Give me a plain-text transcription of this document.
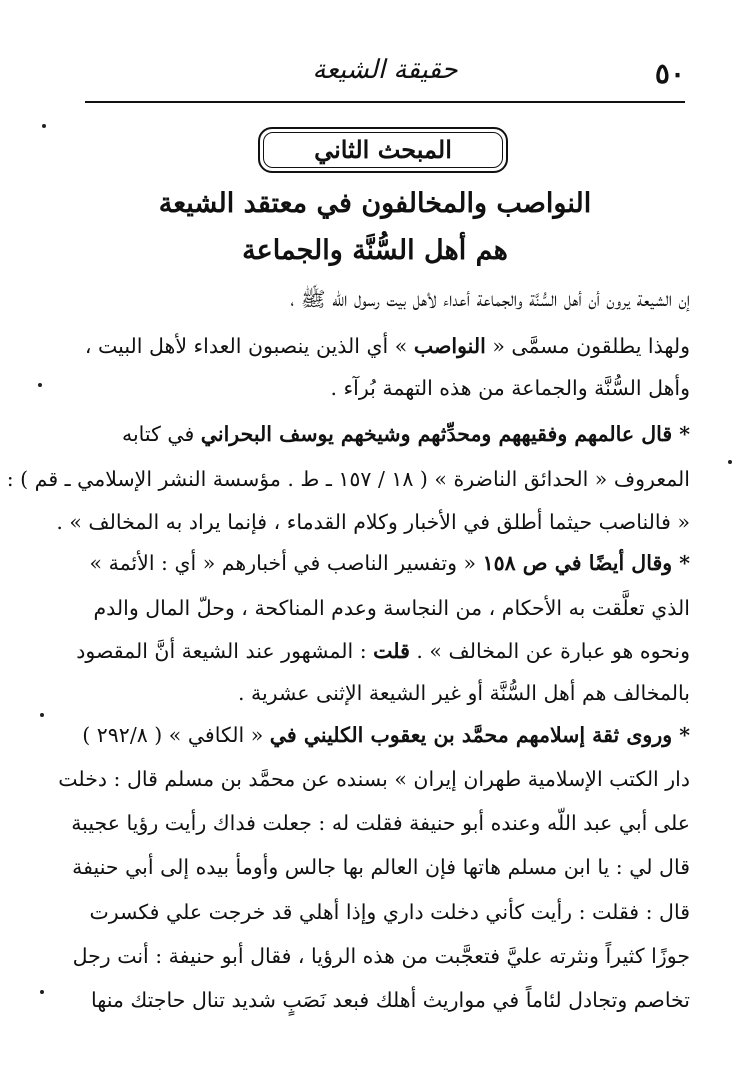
٥٠
حقيقة الشيعة
المبحث الثاني
النواصب والمخالفون في معتقد الشيعة
هم أهل السُّنَّة والجماعة
إن الشيعة يرون أن أهل السُّنَّة والجماعة أعداء لأهل بيت رسول اللّه ﷺ ،
ولهذا يطلقون مسمَّى « النواصب » أي الذين ينصبون العداء لأهل البيت ،
وأهل السُّنَّة والجماعة من هذه التهمة بُرآء .
* قال عالمهم وفقيههم ومحدِّثهم وشيخهم يوسف البحراني في كتابه
المعروف « الحدائق الناضرة » ( ١٨ / ١٥٧ ـ ط . مؤسسة النشر الإسلامي ـ قم ) :
« فالناصب حيثما أطلق في الأخبار وكلام القدماء ، فإنما يراد به المخالف » .
* وقال أيضًا في ص ١٥٨ « وتفسير الناصب في أخبارهم « أي : الأئمة »
الذي تعلَّقت به الأحكام ، من النجاسة وعدم المناكحة ، وحلّ المال والدم
ونحوه هو عبارة عن المخالف » . قلت : المشهور عند الشيعة أنَّ المقصود
بالمخالف هم أهل السُّنَّة أو غير الشيعة الإثنى عشرية .
* وروى ثقة إسلامهم محمَّد بن يعقوب الكليني في « الكافي » ( ٢٩٢/٨ )
دار الكتب الإسلامية طهران إيران » بسنده عن محمَّد بن مسلم قال : دخلت
على أبي عبد اللّه وعنده أبو حنيفة فقلت له : جعلت فداك رأيت رؤيا عجيبة
قال لي : يا ابن مسلم هاتها فإن العالم بها جالس وأومأ بيده إلى أبي حنيفة
قال : فقلت : رأيت كأني دخلت داري وإذا أهلي قد خرجت علي فكسرت
جوزًا كثيراً ونثرته عليَّ فتعجَّبت من هذه الرؤيا ، فقال أبو حنيفة : أنت رجل
تخاصم وتجادل لئاماً في مواريث أهلك فبعد نَصَبٍ شديد تنال حاجتك منها
